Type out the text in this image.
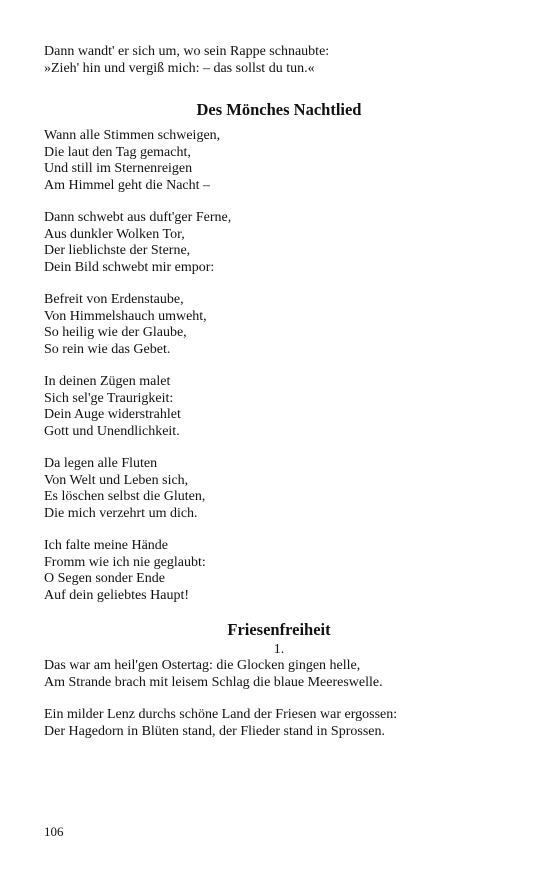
Dann wandt' er sich um, wo sein Rappe schnaubte:
»Zieh' hin und vergiß mich: – das sollst du tun.«
Des Mönches Nachtlied
Wann alle Stimmen schweigen,
Die laut den Tag gemacht,
Und still im Sternenreigen
Am Himmel geht die Nacht –
Dann schwebt aus duft'ger Ferne,
Aus dunkler Wolken Tor,
Der lieblichste der Sterne,
Dein Bild schwebt mir empor:
Befreit von Erdenstaube,
Von Himmelshauch umweht,
So heilig wie der Glaube,
So rein wie das Gebet.
In deinen Zügen malet
Sich sel'ge Traurigkeit:
Dein Auge widerstrahlet
Gott und Unendlichkeit.
Da legen alle Fluten
Von Welt und Leben sich,
Es löschen selbst die Gluten,
Die mich verzehrt um dich.
Ich falte meine Hände
Fromm wie ich nie geglaubt:
O Segen sonder Ende
Auf dein geliebtes Haupt!
Friesenfreiheit
1.
Das war am heil'gen Ostertag: die Glocken gingen helle,
Am Strande brach mit leisem Schlag die blaue Meereswelle.
Ein milder Lenz durchs schöne Land der Friesen war ergossen:
Der Hagedorn in Blüten stand, der Flieder stand in Sprossen.
106
